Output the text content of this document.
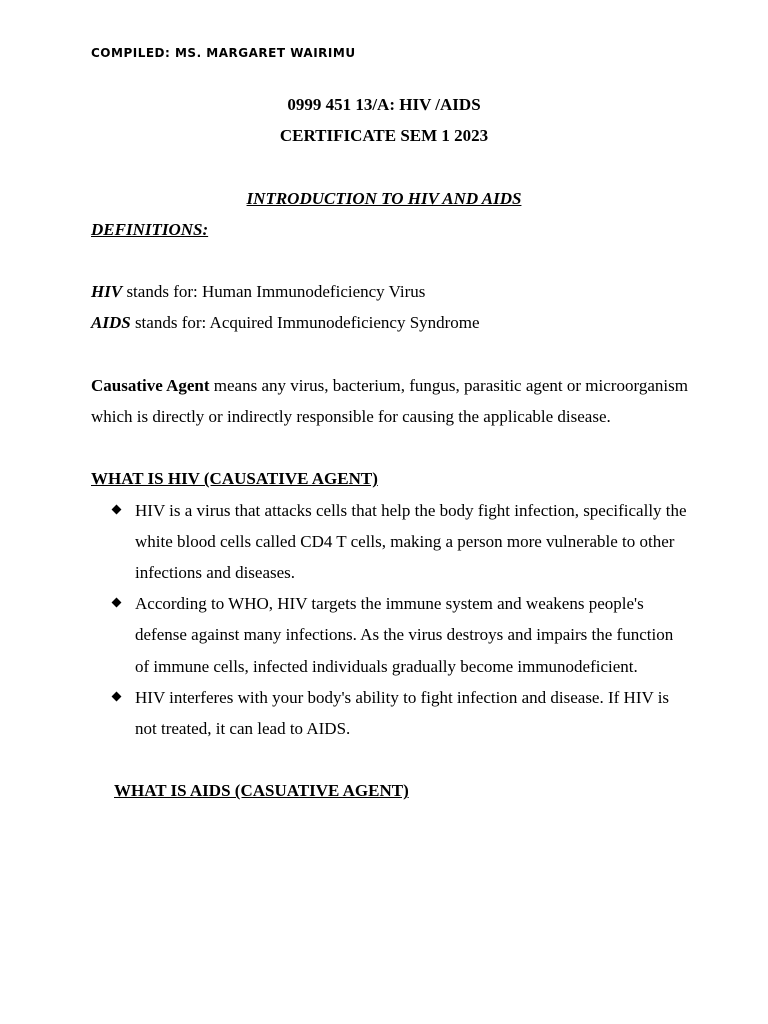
COMPILED: MS. MARGARET WAIRIMU

0999 451 13/A: HIV /AIDS

CERTIFICATE SEM 1 2023

INTRODUCTION TO HIV AND AIDS

DEFINITIONS:

HIV stands for: Human Immunodeficiency Virus

AIDS stands for: Acquired Immunodeficiency Syndrome

Causative Agent means any virus, bacterium, fungus, parasitic agent or microorganism which is directly or indirectly responsible for causing the applicable disease.

WHAT IS HIV (CAUSATIVE AGENT)

HIV is a virus that attacks cells that help the body fight infection, specifically the white blood cells called CD4 T cells, making a person more vulnerable to other infections and diseases.
According to WHO, HIV targets the immune system and weakens people's defense against many infections. As the virus destroys and impairs the function of immune cells, infected individuals gradually become immunodeficient.
HIV interferes with your body's ability to fight infection and disease. If HIV is not treated, it can lead to AIDS.

WHAT IS AIDS (CASUATIVE AGENT)
